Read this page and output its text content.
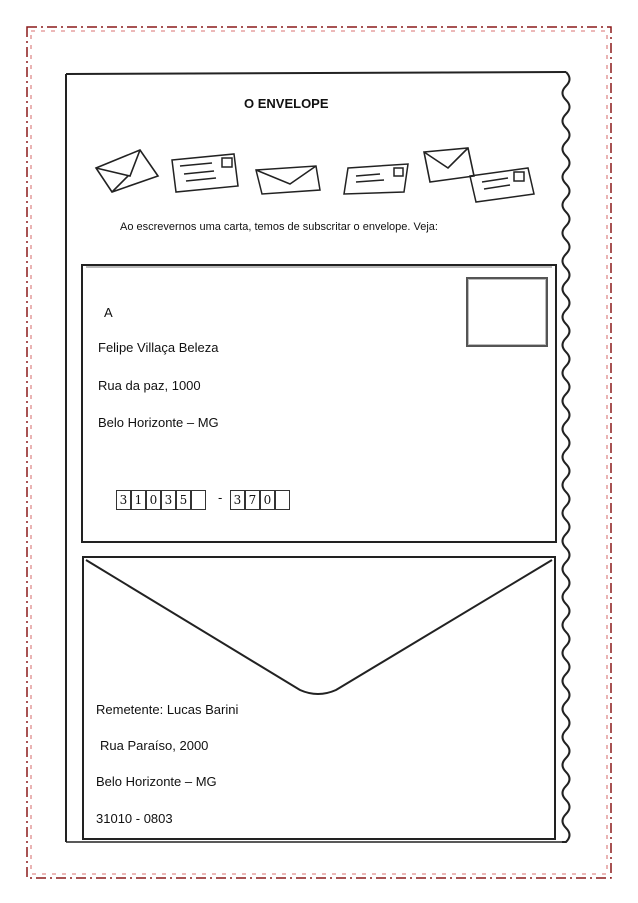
O ENVELOPE
Ao escrevernos uma carta, temos de subscritar o envelope. Veja:
A
Felipe Villaça Beleza
Rua da paz, 1000
Belo Horizonte – MG
3 1 0 3 5 - 3 7 0
Remetente: Lucas Barini
Rua Paraíso, 2000
Belo Horizonte – MG
31010 - 0803
